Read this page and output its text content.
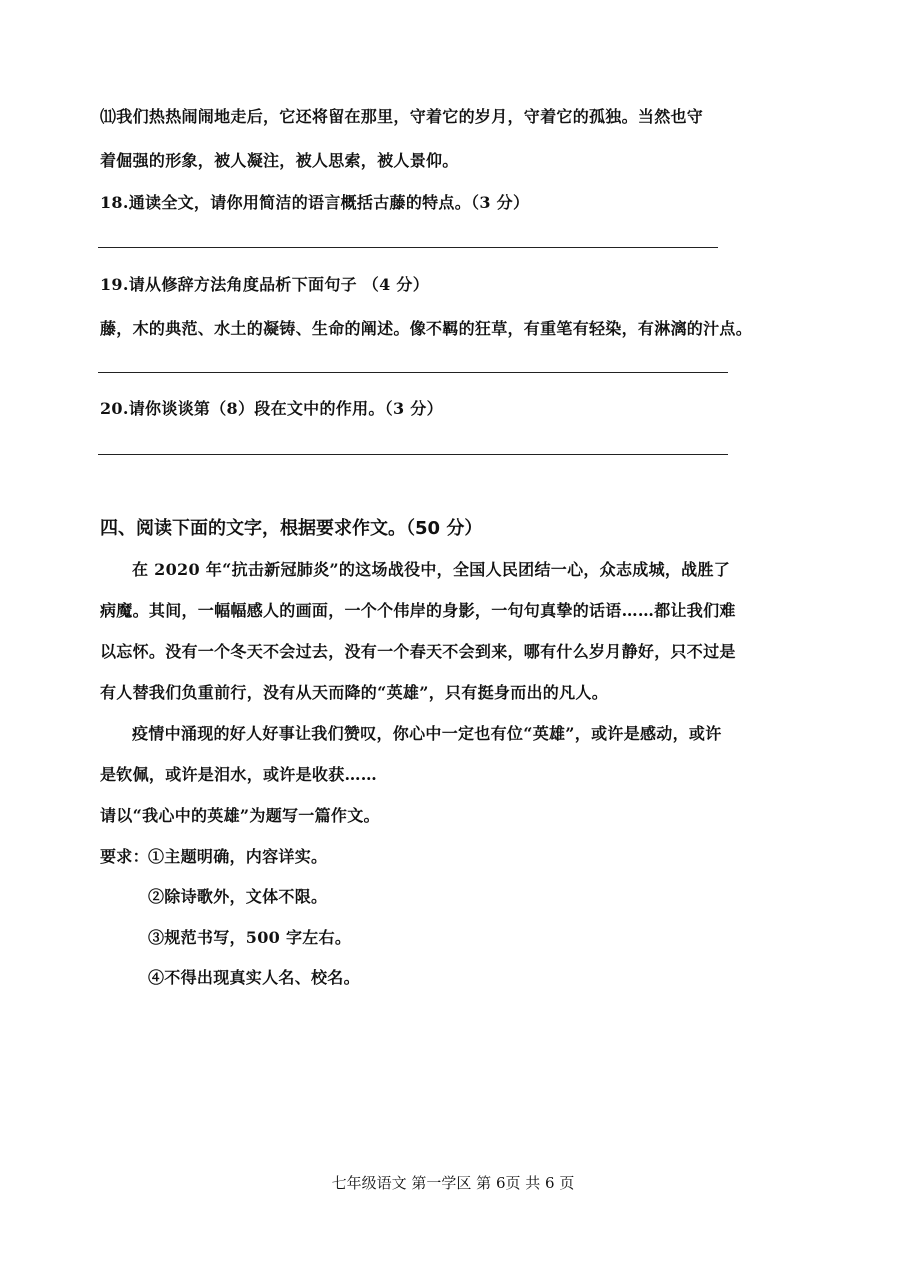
⑾我们热热闹闹地走后，它还将留在那里，守着它的岁月，守着它的孤独。当然也守
着倔强的形象，被人凝注，被人思索，被人景仰。
18.通读全文，请你用简洁的语言概括古藤的特点。（3 分）
19.请从修辞方法角度品析下面句子 （4 分）
藤，木的典范、水土的凝铸、生命的阐述。像不羁的狂草，有重笔有轻染，有淋漓的汁点。
20.请你谈谈第（8）段在文中的作用。（3 分）
四、阅读下面的文字，根据要求作文。（50 分）
在 2020 年“抗击新冠肺炎”的这场战役中，全国人民团结一心，众志成城，战胜了
病魔。其间，一幅幅感人的画面，一个个伟岸的身影，一句句真挚的话语……都让我们难
以忘怀。没有一个冬天不会过去，没有一个春天不会到来，哪有什么岁月静好，只不过是
有人替我们负重前行，没有从天而降的“英雄”，只有挺身而出的凡人。
疫情中涌现的好人好事让我们赞叹，你心中一定也有位“英雄”，或许是感动，或许
是钦佩，或许是泪水，或许是收获……
请以“我心中的英雄”为题写一篇作文。
要求： ①主题明确，内容详实。
②除诗歌外，文体不限。
③规范书写，500 字左右。
④不得出现真实人名、校名。
七年级语文 第一学区 第 6页 共 6 页
